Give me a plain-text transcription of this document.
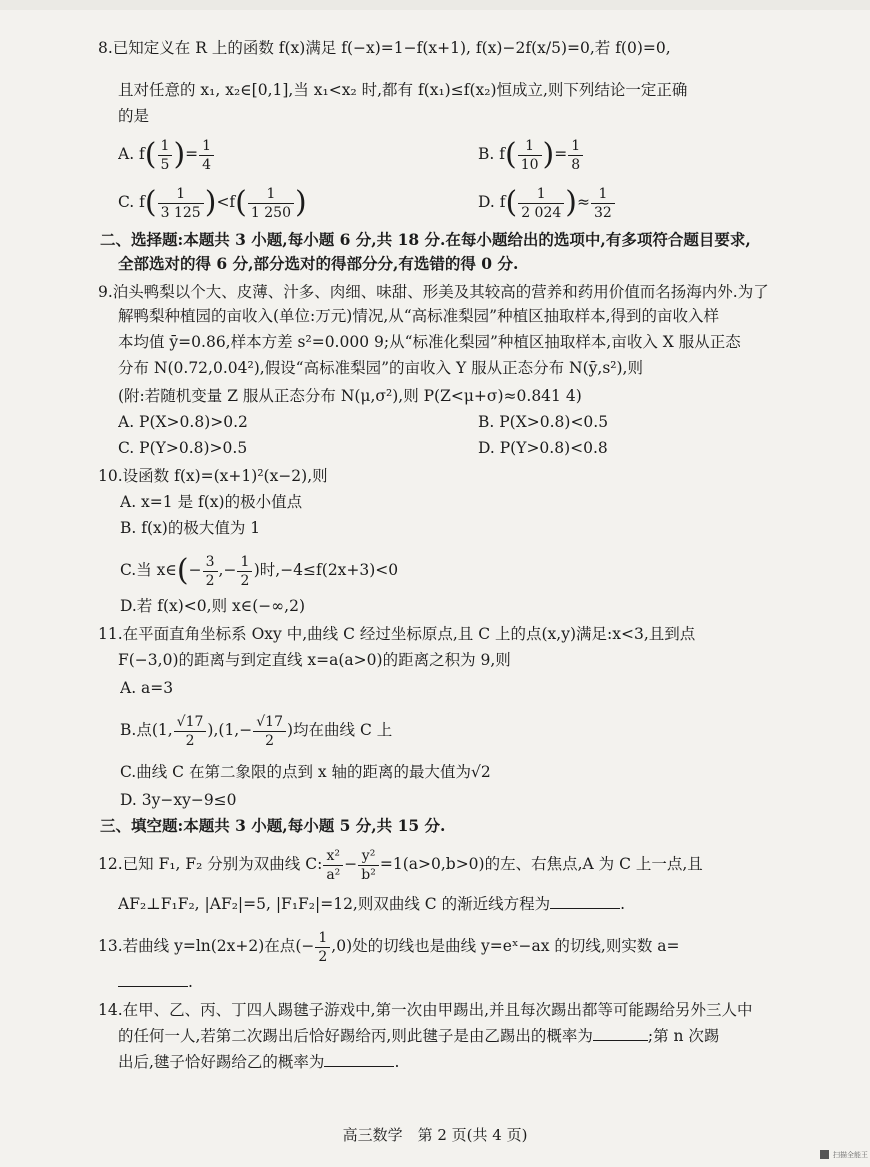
8.已知定义在 R 上的函数 f(x)满足 f(−x)=1−f(x+1), f(x)−2f(x/5)=0,若 f(0)=0,
且对任意的 x₁, x₂∈[0,1],当 x₁<x₂ 时,都有 f(x₁)≤f(x₂)恒成立,则下列结论一定正确
的是
A. $f( \frac{1}{5}$ )= $\frac{1}{4}$	B. $f( \frac{1}{10}$ )= $\frac{1}{8}$
C. $f( \frac{1}{3 125} )<f( \frac{1}{1 250}$ )	D. $f( \frac{1}{2 024}$ )≈ $\frac{1}{32}$
二、选择题:本题共 3 小题,每小题 6 分,共 18 分.在每小题给出的选项中,有多项符合题目要求,
全部选对的得 6 分,部分选对的得部分分,有选错的得 0 分.
9.泊头鸭梨以个大、皮薄、汁多、肉细、味甜、形美及其较高的营养和药用价值而名扬海内外.为了
解鸭梨种植园的亩收入(单位:万元)情况,从“高标准梨园”种植区抽取样本,得到的亩收入样
本均值 ȳ=0.86,样本方差 s²=0.000 9;从“标准化梨园”种植区抽取样本,亩收入 X 服从正态
分布 N(0.72,0.04²),假设“高标准梨园”的亩收入 Y 服从正态分布 N(ȳ,s²),则
(附:若随机变量 Z 服从正态分布 N(μ,σ²),则 P(Z<μ+σ)≈0.841 4)
A. P(X>0.8)>0.2	B. P(X>0.8)<0.5
C. P(Y>0.8)>0.5	D. P(Y>0.8)<0.8
10.设函数 f(x)=(x+1)²(x−2),则
A. x=1 是 f(x)的极小值点
B. f(x)的极大值为 1
C.当 x∈(− $\frac{3}{2}$ ,− $\frac{1}{2}$ )时,−4≤f(2x+3)<0
D.若 f(x)<0,则 x∈(−∞,2)
11.在平面直角坐标系 Oxy 中,曲线 C 经过坐标原点,且 C 上的点(x,y)满足:x<3,且到点
F(−3,0)的距离与到定直线 x=a(a>0)的距离之积为 9,则
A. a=3
B.点(1, $\frac{√17}{2} ),(1,- \frac{√17}{2}$ )均在曲线 C 上
C.曲线 C 在第二象限的点到 x 轴的距离的最大值为√2
D. 3y−xy−9≤0
三、填空题:本题共 3 小题,每小题 5 分,共 15 分.
12.已知 F₁, F₂ 分别为双曲线 C: $\frac{\text{x²}}{\text{a²}} - \frac{\text{y²}}{\text{b²}} =1(a>0,b>0)$的左、右焦点,A 为 C 上一点,且
AF₂⊥F₁F₂, |AF₂|=5, |F₁F₂|=12,则双曲线 C 的渐近线方程为	.
13.若曲线 y=ln(2x+2)在点(− $\frac{1}{2} ,0$)处的切线也是曲线 y=eˣ−ax 的切线,则实数 a=
.
14.在甲、乙、丙、丁四人踢毽子游戏中,第一次由甲踢出,并且每次踢出都等可能踢给另外三人中
的任何一人,若第二次踢出后恰好踢给丙,则此毽子是由乙踢出的概率为	;第 n 次踢
出后,毽子恰好踢给乙的概率为	.
高三数学　第 2 页(共 4 页)
扫描全能王
